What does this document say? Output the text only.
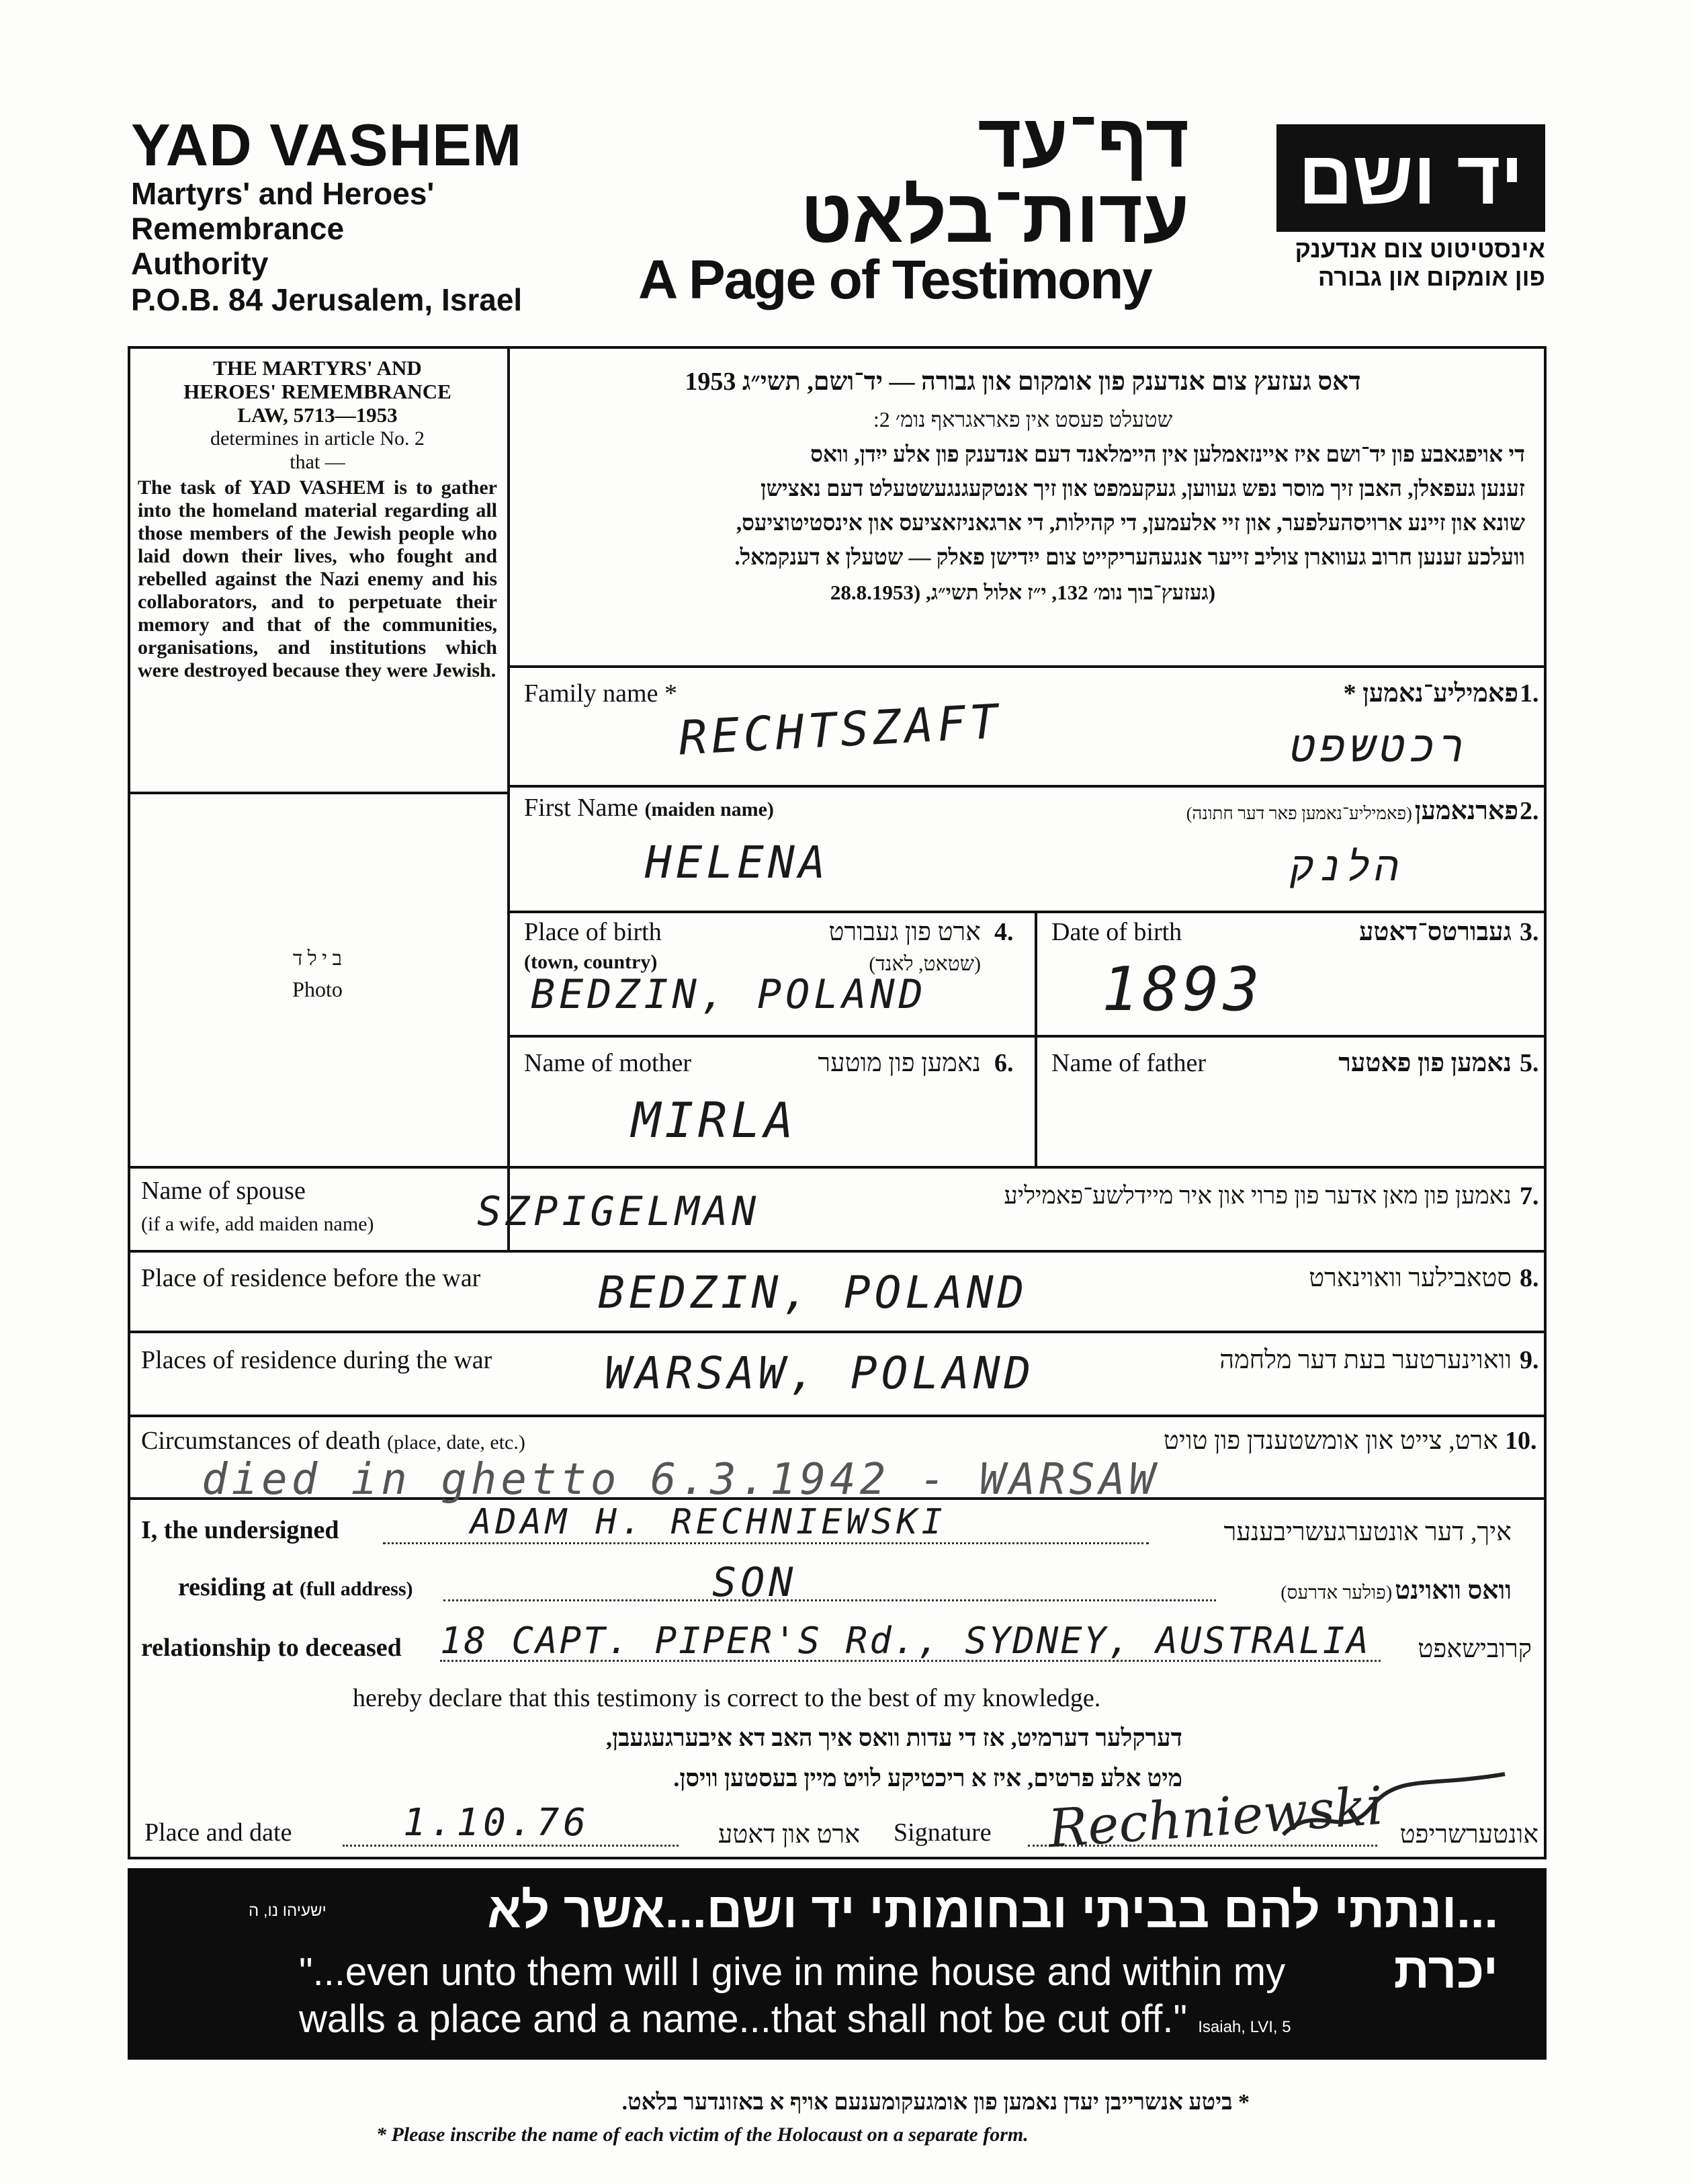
YAD VASHEM
Martyrs' and Heroes'
Remembrance
Authority
P.O.B. 84 Jerusalem, Israel
דף־עד
עדות־בלאט
A Page of Testimony
יד ושם
אינסטיטוט צום אנדענק
פון אומקום און גבורה
THE MARTYRS' AND
HEROES' REMEMBRANCE
LAW, 5713—1953
determines in article No. 2
that —
The task of YAD VASHEM is to gather into the homeland material regarding all those members of the Jewish people who laid down their lives, who fought and rebelled against the Nazi enemy and his collaborators, and to perpetuate their memory and that of the communities, organisations, and institutions which were destroyed because they were Jewish.
ב י ל ד
Photo
דאס געזעץ צום אנדענק פון אומקום און גבורה — יד־ושם, תשי״ג 1953
שטעלט פעסט אין פאראגראף נומ׳ 2:
די אויפגאבע פון יד־ושם איז איינזאמלען אין היימלאנד דעם אנדענק פון אלע ייִדן, וואס
זענען געפאלן, האבן זיך מוסר נפש געווען, געקעמפט און זיך אנטקעגנגעשטעלט דעם נאצישן
שונא און זיינע ארויסהעלפער, און זיי אלעמען, די קהילות, די ארגאניזאציעס און אינסטיטוציעס,
וועלכע זענען חרוב געווארן צוליב זייער אנגעהעריקייט צום ייִדישן פאלק — שטעלן א דענקמאל.
(געזעץ־בוך נומ׳ 132, י״ז אלול תשי״ג, (28.8.1953
Family name *	פאמיליע־נאמען * 1.
RECHTSZAFT	רכטשפט
First Name (maiden name)	פארנאמען (פאמיליע־נאמען פאר דער חתונה)	2.
HELENA	הלנק
Place of birth
(town, country)
ארט פון געבורט
(שטאט, לאנד)
4.
BEDZIN, POLAND
Date of birth	געבורטס־דאטע 3.
1893
Name of mother	נאמען פון מוטער 6.
MIRLA
Name of father	נאמען פון פאטער 5.
Name of spouse
(if a wife, add maiden name)
נאמען פון מאן אדער פון פרוי און איר מיידלשע־פאמיליע 7.
SZPIGELMAN
Place of residence before the war	סטאבילער וואוינארט 8.
BEDZIN, POLAND
Places of residence during the war	וואוינערטער בעת דער מלחמה 9.
WARSAW, POLAND
Circumstances of death (place, date, etc.)	ארט, צייט און אומשטענדן פון טויט 10.
died in ghetto 6.3.1942 - WARSAW
I, the undersigned	ADAM H. RECHNIEWSKI	איך, דער אונטערגעשריבענער
residing at (full address)	SON	וואס וואוינט (פולער אדרעס)
relationship to deceased 18 CAPT. PIPER'S Rd., SYDNEY, AUSTRALIA	קרובישאפט
hereby declare that this testimony is correct to the best of my knowledge.
דערקלער דערמיט, אז די עדות וואס איך האב דא איבערגעגעבן,
מיט אלע פרטים, איז א ריכטיקע לויט מיין בעסטען וויסן.
Place and date	1.10.76	ארט און דאטע Signature Rechniewski אונטערשריפט
ישעיהו נו, ה	...ונתתי להם בביתי ובחומותי יד ושם...אשר לא יכרת
"...even unto them will I give in mine house and within my
walls a place and a name...that shall not be cut off." Isaiah, LVI, 5
* ביטע אנשרייבן יעדן נאמען פון אומגעקומענעם אויף א באזונדער בלאט.
* Please inscribe the name of each victim of the Holocaust on a separate form.
